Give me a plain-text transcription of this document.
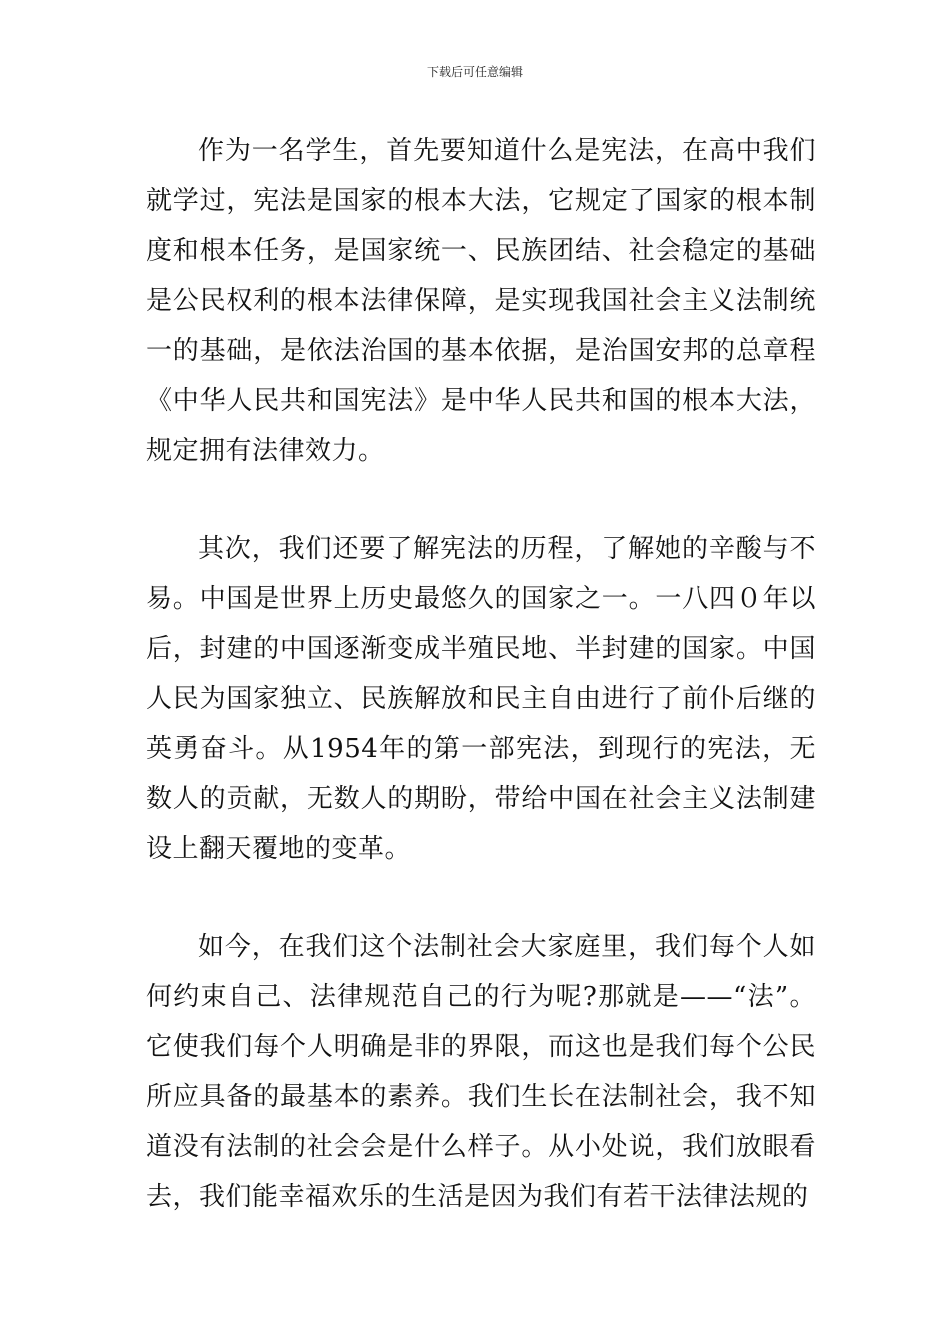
下载后可任意编辑
作为一名学生，首先要知道什么是宪法，在高中我们就学过，宪法是国家的根本大法，它规定了国家的根本制度和根本任务，是国家统一、民族团结、社会稳定的基础是公民权利的根本法律保障，是实现我国社会主义法制统一的基础，是依法治国的基本依据，是治国安邦的总章程《中华人民共和国宪法》是中华人民共和国的根本大法，规定拥有法律效力。
其次，我们还要了解宪法的历程，了解她的辛酸与不易。中国是世界上历史最悠久的国家之一。一八四０年以后，封建的中国逐渐变成半殖民地、半封建的国家。中国人民为国家独立、民族解放和民主自由进行了前仆后继的英勇奋斗。从1954年的第一部宪法，到现行的宪法，无数人的贡献，无数人的期盼，带给中国在社会主义法制建设上翻天覆地的变革。
如今，在我们这个法制社会大家庭里，我们每个人如何约束自己、法律规范自己的行为呢?那就是——“法”。它使我们每个人明确是非的界限，而这也是我们每个公民所应具备的最基本的素养。我们生长在法制社会，我不知道没有法制的社会会是什么样子。从小处说，我们放眼看去，我们能幸福欢乐的生活是因为我们有若干法律法规的
